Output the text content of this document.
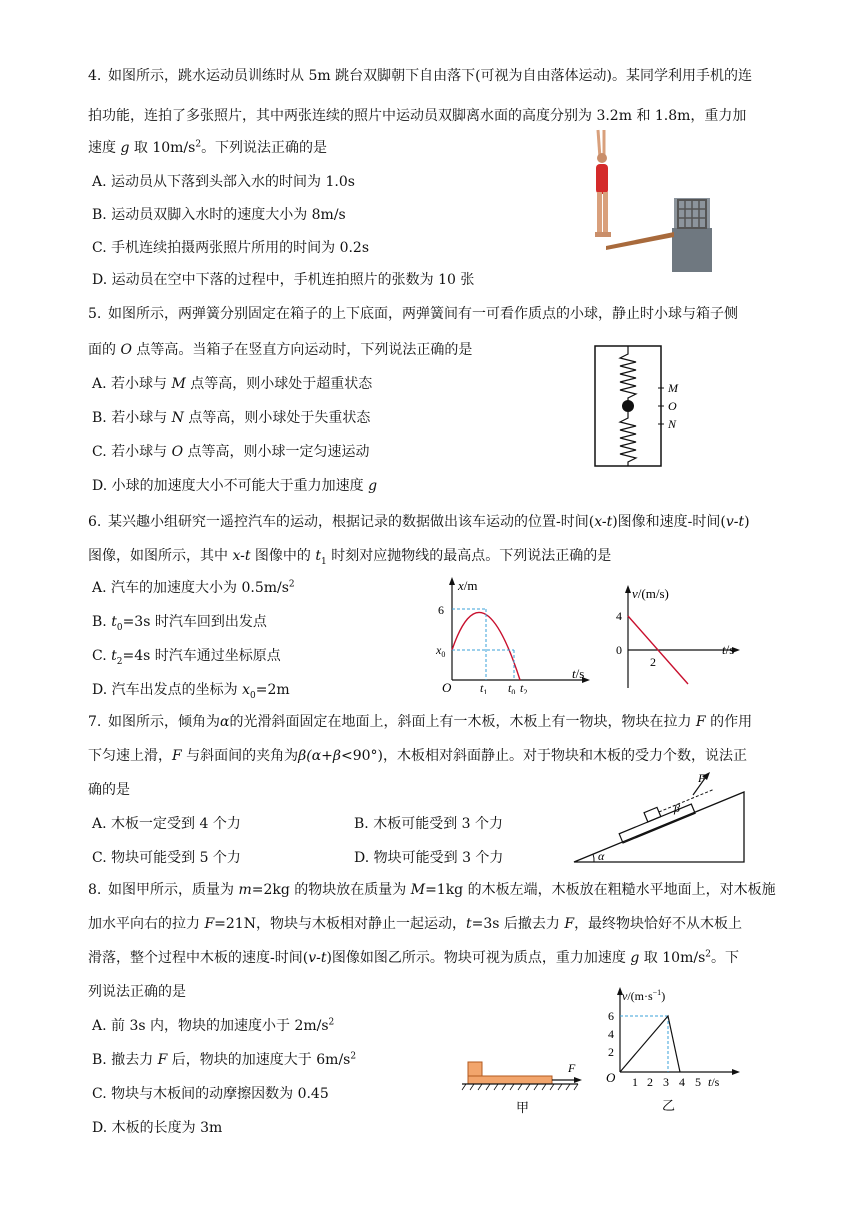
4. 如图所示，跳水运动员训练时从 5m 跳台双脚朝下自由落下(可视为自由落体运动)。某同学利用手机的连
拍功能，连拍了多张照片，其中两张连续的照片中运动员双脚离水面的高度分别为 3.2m 和 1.8m，重力加
速度 g 取 $10m/s^2$。下列说法正确的是
A. 运动员从下落到头部入水的时间为 1.0s
B. 运动员双脚入水时的速度大小为 8m/s
C. 手机连续拍摄两张照片所用的时间为 0.2s
D. 运动员在空中下落的过程中，手机连拍照片的张数为 10 张
5. 如图所示，两弹簧分别固定在箱子的上下底面，两弹簧间有一可看作质点的小球，静止时小球与箱子侧
面的 O 点等高。当箱子在竖直方向运动时，下列说法正确的是
A. 若小球与 M 点等高，则小球处于超重状态
B. 若小球与 N 点等高，则小球处于失重状态
C. 若小球与 O 点等高，则小球一定匀速运动
D. 小球的加速度大小不可能大于重力加速度 g
M
O
N
6. 某兴趣小组研究一遥控汽车的运动，根据记录的数据做出该车运动的位置-时间(x-t)图像和速度-时间(v-t)
图像，如图所示，其中 x-t 图像中的 $t_1$ 时刻对应抛物线的最高点。下列说法正确的是
A. 汽车的加速度大小为 $0.5m/s^2$
B. $t_0=3s$ 时汽车回到出发点
C. $t_2=4s$ 时汽车通过坐标原点
D. 汽车出发点的坐标为 $x_0=2m$
x/m
t/s
6
$x_0$
O $t_1$ $t_0$ $t_2$
v/(m/s)
t/s
4
0
2
7. 如图所示，倾角为α的光滑斜面固定在地面上，斜面上有一木板，木板上有一物块，物块在拉力 F 的作用
下匀速上滑，F 与斜面间的夹角为β(α+β<90°)，木板相对斜面静止。对于物块和木板的受力个数，说法正
确的是
A. 木板一定受到 4 个力	B. 木板可能受到 3 个力
C. 物块可能受到 5 个力	D. 物块可能受到 3 个力
F
β
α
8. 如图甲所示，质量为 m=2kg 的物块放在质量为 M=1kg 的木板左端，木板放在粗糙水平地面上，对木板施
加水平向右的拉力 F=21N，物块与木板相对静止一起运动，t=3s 后撤去力 F，最终物块恰好不从木板上
滑落，整个过程中木板的速度-时间(v-t)图像如图乙所示。物块可视为质点，重力加速度 g 取 $10m/s^2$。下
列说法正确的是
A. 前 3s 内，物块的加速度小于 $2m/s^2$
B. 撤去力 F 后，物块的加速度大于 $6m/s^2$
C. 物块与木板间的动摩擦因数为 0.45
D. 木板的长度为 3m
F
甲
$v/(m\cdot s^{-1})$
6
4
2
O 1 2 3 4 5 t/s
乙
